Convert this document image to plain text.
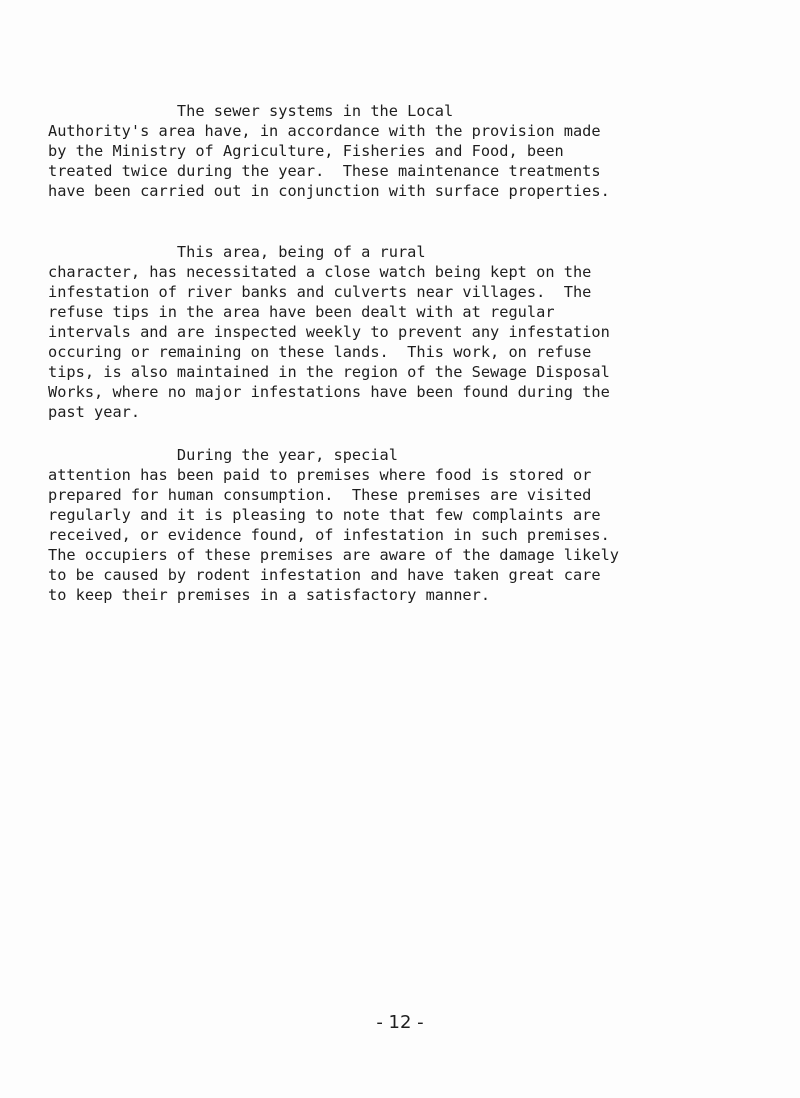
The sewer systems in the Local
Authority's area have, in accordance with the provision made
by the Ministry of Agriculture, Fisheries and Food, been
treated twice during the year.  These maintenance treatments
have been carried out in conjunction with surface properties.
This area, being of a rural
character, has necessitated a close watch being kept on the
infestation of river banks and culverts near villages.  The
refuse tips in the area have been dealt with at regular
intervals and are inspected weekly to prevent any infestation
occuring or remaining on these lands.  This work, on refuse
tips, is also maintained in the region of the Sewage Disposal
Works, where no major infestations have been found during the
past year.
During the year, special
attention has been paid to premises where food is stored or
prepared for human consumption.  These premises are visited
regularly and it is pleasing to note that few complaints are
received, or evidence found, of infestation in such premises.
The occupiers of these premises are aware of the damage likely
to be caused by rodent infestation and have taken great care
to keep their premises in a satisfactory manner.
- 12 -
